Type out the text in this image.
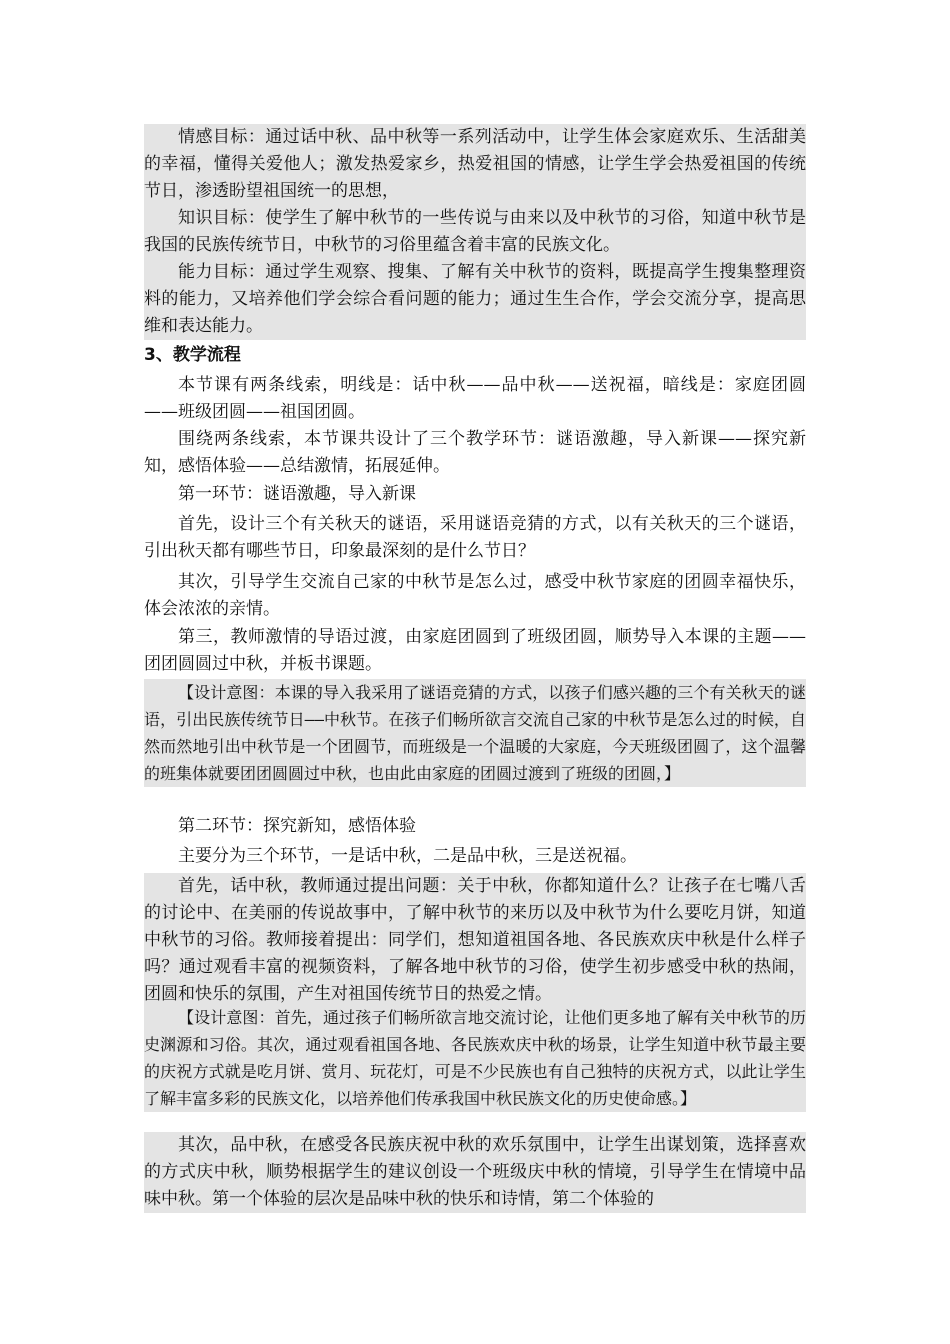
情感目标：通过话中秋、品中秋等一系列活动中，让学生体会家庭欢乐、生活甜美的幸福，懂得关爱他人；激发热爱家乡，热爱祖国的情感，让学生学会热爱祖国的传统节日，渗透盼望祖国统一的思想，

知识目标：使学生了解中秋节的一些传说与由来以及中秋节的习俗，知道中秋节是我国的民族传统节日，中秋节的习俗里蕴含着丰富的民族文化。

能力目标：通过学生观察、搜集、了解有关中秋节的资料，既提高学生搜集整理资料的能力，又培养他们学会综合看问题的能力；通过生生合作，学会交流分享，提高思维和表达能力。

3、教学流程

本节课有两条线索，明线是：话中秋——品中秋——送祝福，暗线是：家庭团圆——班级团圆——祖国团圆。

围绕两条线索，本节课共设计了三个教学环节：谜语激趣，导入新课——探究新知，感悟体验——总结激情，拓展延伸。

第一环节：谜语激趣，导入新课

首先，设计三个有关秋天的谜语，采用谜语竞猜的方式，以有关秋天的三个谜语，引出秋天都有哪些节日，印象最深刻的是什么节日？

其次，引导学生交流自己家的中秋节是怎么过，感受中秋节家庭的团圆幸福快乐，体会浓浓的亲情。

第三，教师激情的导语过渡，由家庭团圆到了班级团圆，顺势导入本课的主题——团团圆圆过中秋，并板书课题。

【设计意图：本课的导入我采用了谜语竞猜的方式，以孩子们感兴趣的三个有关秋天的谜语，引出民族传统节日——中秋节。在孩子们畅所欲言交流自己家的中秋节是怎么过的时候，自然而然地引出中秋节是一个团圆节，而班级是一个温暖的大家庭，今天班级团圆了，这个温馨的班集体就要团团圆圆过中秋，也由此由家庭的团圆过渡到了班级的团圆，】

第二环节：探究新知，感悟体验

主要分为三个环节，一是话中秋，二是品中秋，三是送祝福。

首先，话中秋，教师通过提出问题：关于中秋，你都知道什么？让孩子在七嘴八舌的讨论中、在美丽的传说故事中，了解中秋节的来历以及中秋节为什么要吃月饼，知道中秋节的习俗。教师接着提出：同学们，想知道祖国各地、各民族欢庆中秋是什么样子吗？通过观看丰富的视频资料，了解各地中秋节的习俗，使学生初步感受中秋的热闹，团圆和快乐的氛围，产生对祖国传统节日的热爱之情。

【设计意图：首先，通过孩子们畅所欲言地交流讨论，让他们更多地了解有关中秋节的历史渊源和习俗。其次，通过观看祖国各地、各民族欢庆中秋的场景，让学生知道中秋节最主要的庆祝方式就是吃月饼、赏月、玩花灯，可是不少民族也有自己独特的庆祝方式，以此让学生了解丰富多彩的民族文化，以培养他们传承我国中秋民族文化的历史使命感。】

其次，品中秋，在感受各民族庆祝中秋的欢乐氛围中，让学生出谋划策，选择喜欢的方式庆中秋，顺势根据学生的建议创设一个班级庆中秋的情境，引导学生在情境中品味中秋。第一个体验的层次是品味中秋的快乐和诗情，第二个体验的
